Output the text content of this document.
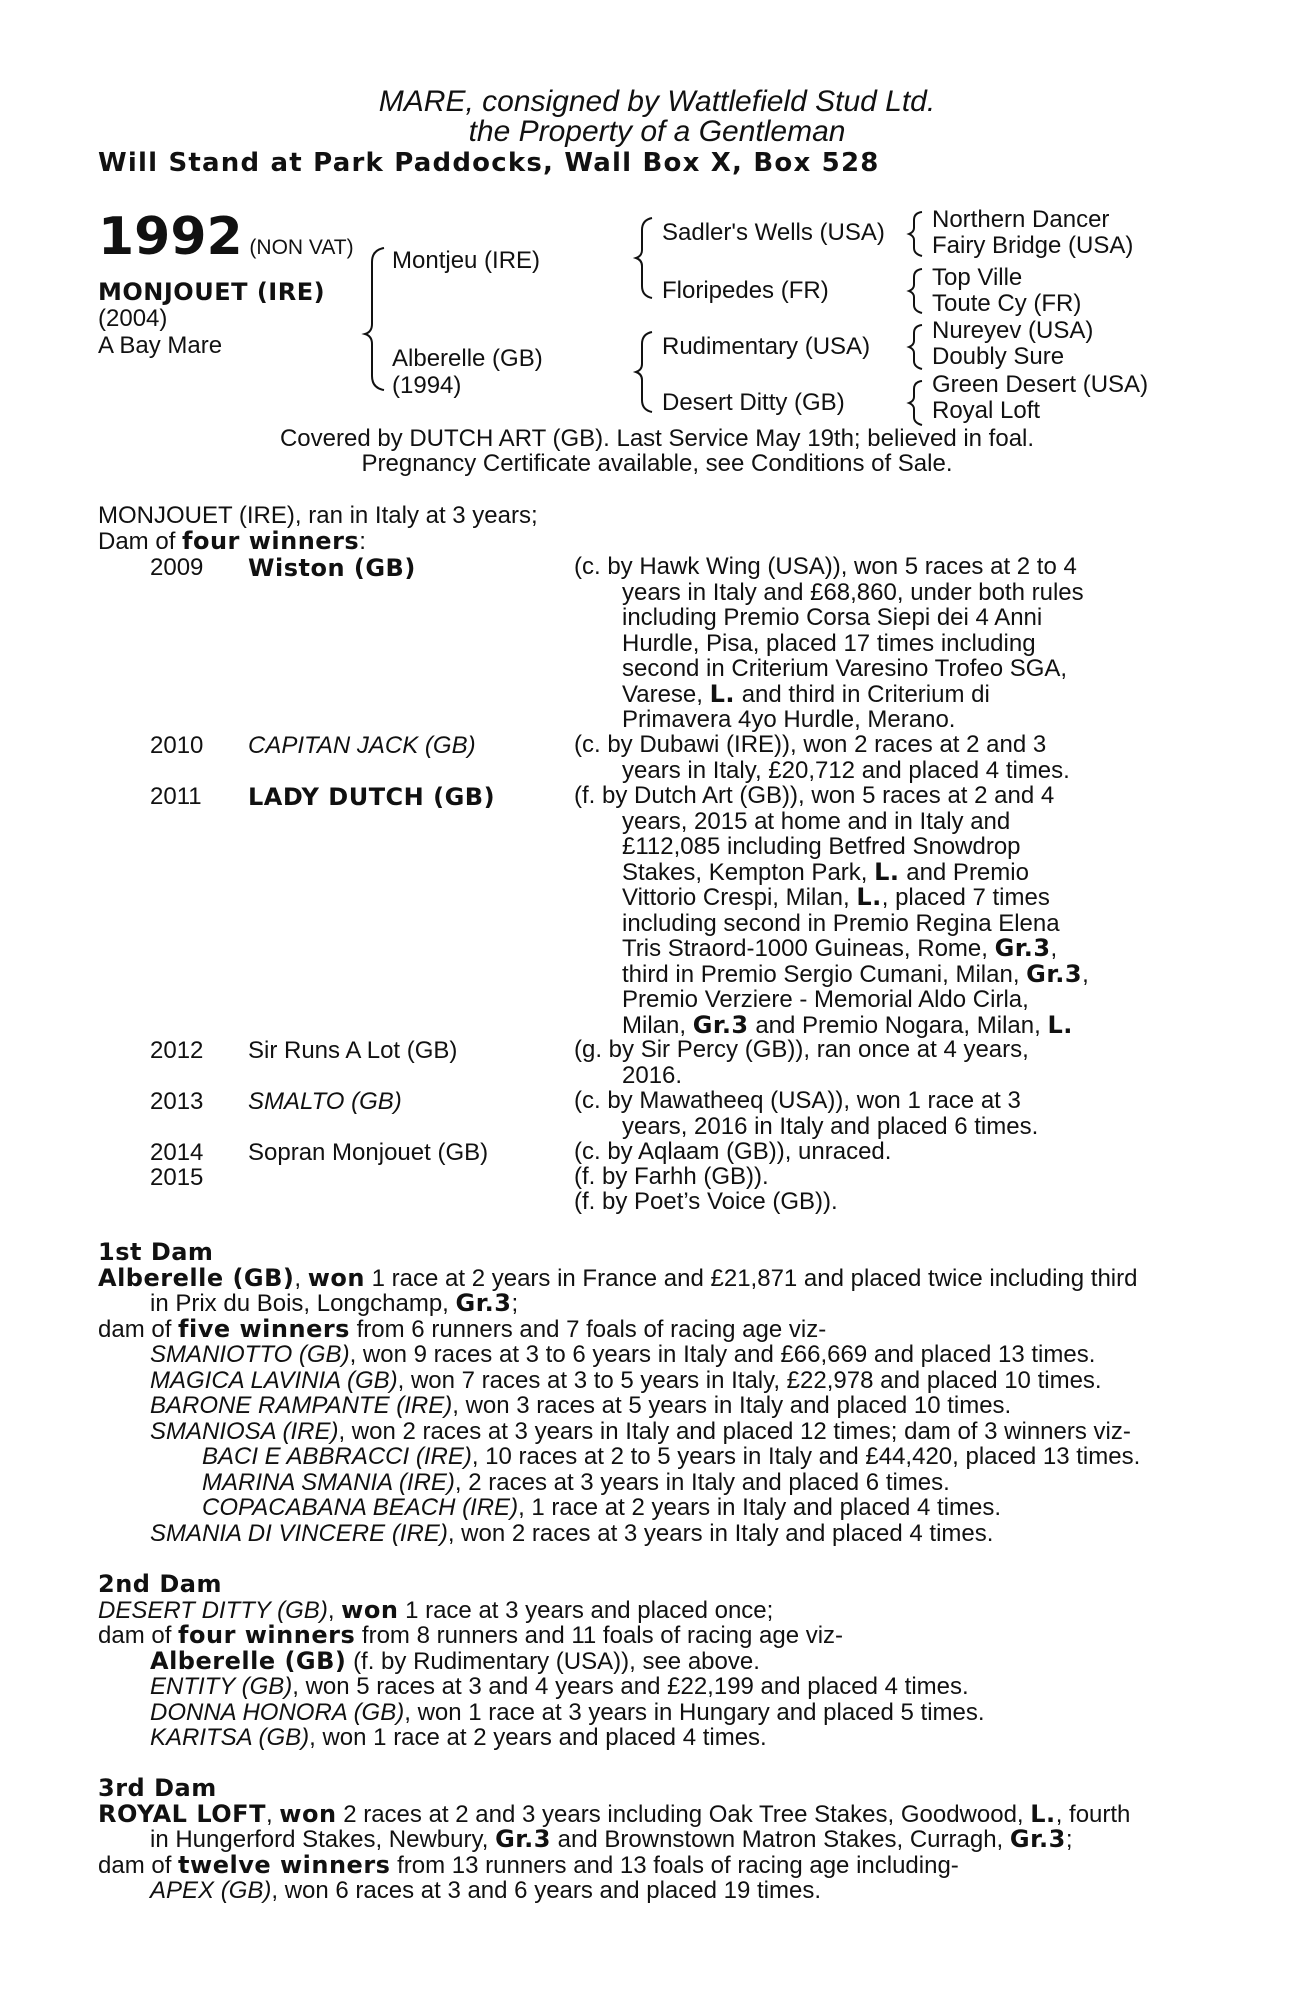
MARE, consigned by Wattlefield Stud Ltd.
the Property of a Gentleman
Will Stand at Park Paddocks, Wall Box X, Box 528
1992 (NON VAT)
MONJOUET (IRE)
(2004)
A Bay Mare
Montjeu (IRE)
Alberelle (GB)
(1994)
Sadler's Wells (USA)
Floripedes (FR)
Rudimentary (USA)
Desert Ditty (GB)
Northern Dancer
Fairy Bridge (USA)
Top Ville
Toute Cy (FR)
Nureyev (USA)
Doubly Sure
Green Desert (USA)
Royal Loft
Covered by DUTCH ART (GB). Last Service May 19th; believed in foal.
Pregnancy Certificate available, see Conditions of Sale.
MONJOUET (IRE), ran in Italy at 3 years;
Dam of four winners:
2009 Wiston (GB)	(c. by Hawk Wing (USA)), won 5 races at 2 to 4
years in Italy and £68,860, under both rules
including Premio Corsa Siepi dei 4 Anni
Hurdle, Pisa, placed 17 times including
second in Criterium Varesino Trofeo SGA,
Varese, L. and third in Criterium di
Primavera 4yo Hurdle, Merano.
2010 CAPITAN JACK (GB)	(c. by Dubawi (IRE)), won 2 races at 2 and 3
years in Italy, £20,712 and placed 4 times.
2011 LADY DUTCH (GB)	(f. by Dutch Art (GB)), won 5 races at 2 and 4
years, 2015 at home and in Italy and
£112,085 including Betfred Snowdrop
Stakes, Kempton Park, L. and Premio
Vittorio Crespi, Milan, L., placed 7 times
including second in Premio Regina Elena
Tris Straord-1000 Guineas, Rome, Gr.3,
third in Premio Sergio Cumani, Milan, Gr.3,
Premio Verziere - Memorial Aldo Cirla,
Milan, Gr.3 and Premio Nogara, Milan, L.
2012 Sir Runs A Lot (GB)	(g. by Sir Percy (GB)), ran once at 4 years,
2016.
2013 SMALTO (GB)	(c. by Mawatheeq (USA)), won 1 race at 3
years, 2016 in Italy and placed 6 times.
2014 Sopran Monjouet (GB)	(c. by Aqlaam (GB)), unraced.
2015	(f. by Farhh (GB)).
(f. by Poet’s Voice (GB)).

1st Dam

Alberelle (GB), won 1 race at 2 years in France and £21,871 and placed twice including third

in Prix du Bois, Longchamp, Gr.3;

dam of five winners from 6 runners and 7 foals of racing age viz-

SMANIOTTO (GB), won 9 races at 3 to 6 years in Italy and £66,669 and placed 13 times.

MAGICA LAVINIA (GB), won 7 races at 3 to 5 years in Italy, £22,978 and placed 10 times.

BARONE RAMPANTE (IRE), won 3 races at 5 years in Italy and placed 10 times.

SMANIOSA (IRE), won 2 races at 3 years in Italy and placed 12 times; dam of 3 winners viz-

BACI E ABBRACCI (IRE), 10 races at 2 to 5 years in Italy and £44,420, placed 13 times.

MARINA SMANIA (IRE), 2 races at 3 years in Italy and placed 6 times.

COPACABANA BEACH (IRE), 1 race at 2 years in Italy and placed 4 times.

SMANIA DI VINCERE (IRE), won 2 races at 3 years in Italy and placed 4 times.

2nd Dam

DESERT DITTY (GB), won 1 race at 3 years and placed once;

dam of four winners from 8 runners and 11 foals of racing age viz-

Alberelle (GB) (f. by Rudimentary (USA)), see above.

ENTITY (GB), won 5 races at 3 and 4 years and £22,199 and placed 4 times.

DONNA HONORA (GB), won 1 race at 3 years in Hungary and placed 5 times.

KARITSA (GB), won 1 race at 2 years and placed 4 times.

3rd Dam

ROYAL LOFT, won 2 races at 2 and 3 years including Oak Tree Stakes, Goodwood, L., fourth

in Hungerford Stakes, Newbury, Gr.3 and Brownstown Matron Stakes, Curragh, Gr.3;

dam of twelve winners from 13 runners and 13 foals of racing age including-

APEX (GB), won 6 races at 3 and 6 years and placed 19 times.
